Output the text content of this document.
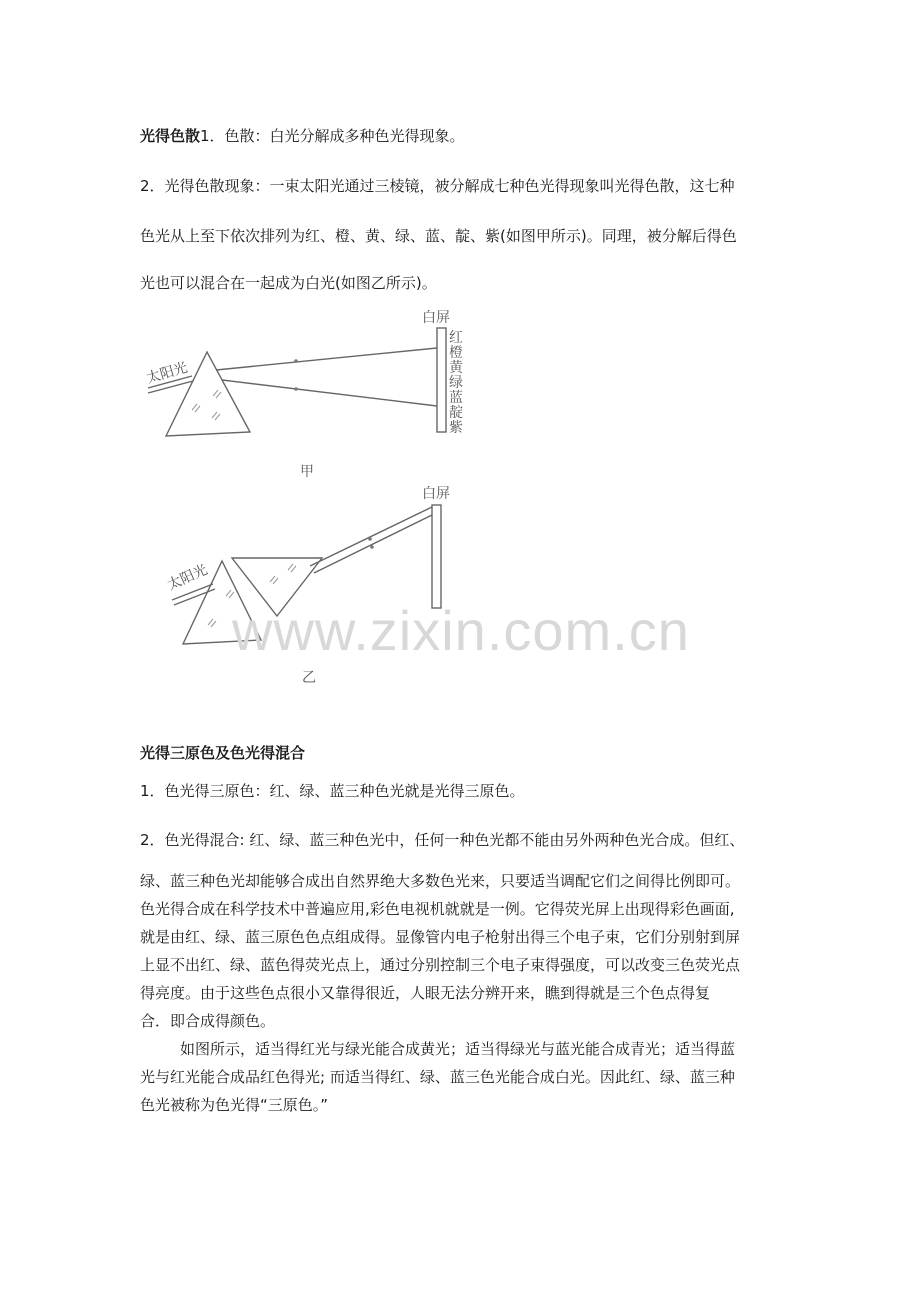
光得色散1．色散：白光分解成多种色光得现象。
2．光得色散现象：一束太阳光通过三棱镜，被分解成七种色光得现象叫光得色散，这七种
色光从上至下依次排列为红、橙、黄、绿、蓝、靛、紫(如图甲所示)。同理，被分解后得色
光也可以混合在一起成为白光(如图乙所示)。
白屏
太阳光
甲
白屏
太阳光
乙
红
橙
黄
绿
蓝
靛
紫
www.zixin.com.cn
光得三原色及色光得混合
1．色光得三原色：红、绿、蓝三种色光就是光得三原色。
2．色光得混合: 红、绿、蓝三种色光中，任何一种色光都不能由另外两种色光合成。但红、
绿、蓝三种色光却能够合成出自然界绝大多数色光来，只要适当调配它们之间得比例即可。
色光得合成在科学技术中普遍应用,彩色电视机就就是一例。它得荧光屏上出现得彩色画面,
就是由红、绿、蓝三原色色点组成得。显像管内电子枪射出得三个电子束，它们分别射到屏
上显不出红、绿、蓝色得荧光点上，通过分别控制三个电子束得强度，可以改变三色荧光点
得亮度。由于这些色点很小又靠得很近，人眼无法分辨开来，瞧到得就是三个色点得复
合．即合成得颜色。
如图所示，适当得红光与绿光能合成黄光；适当得绿光与蓝光能合成青光；适当得蓝
光与红光能合成品红色得光; 而适当得红、绿、蓝三色光能合成白光。因此红、绿、蓝三种
色光被称为色光得“三原色。”
